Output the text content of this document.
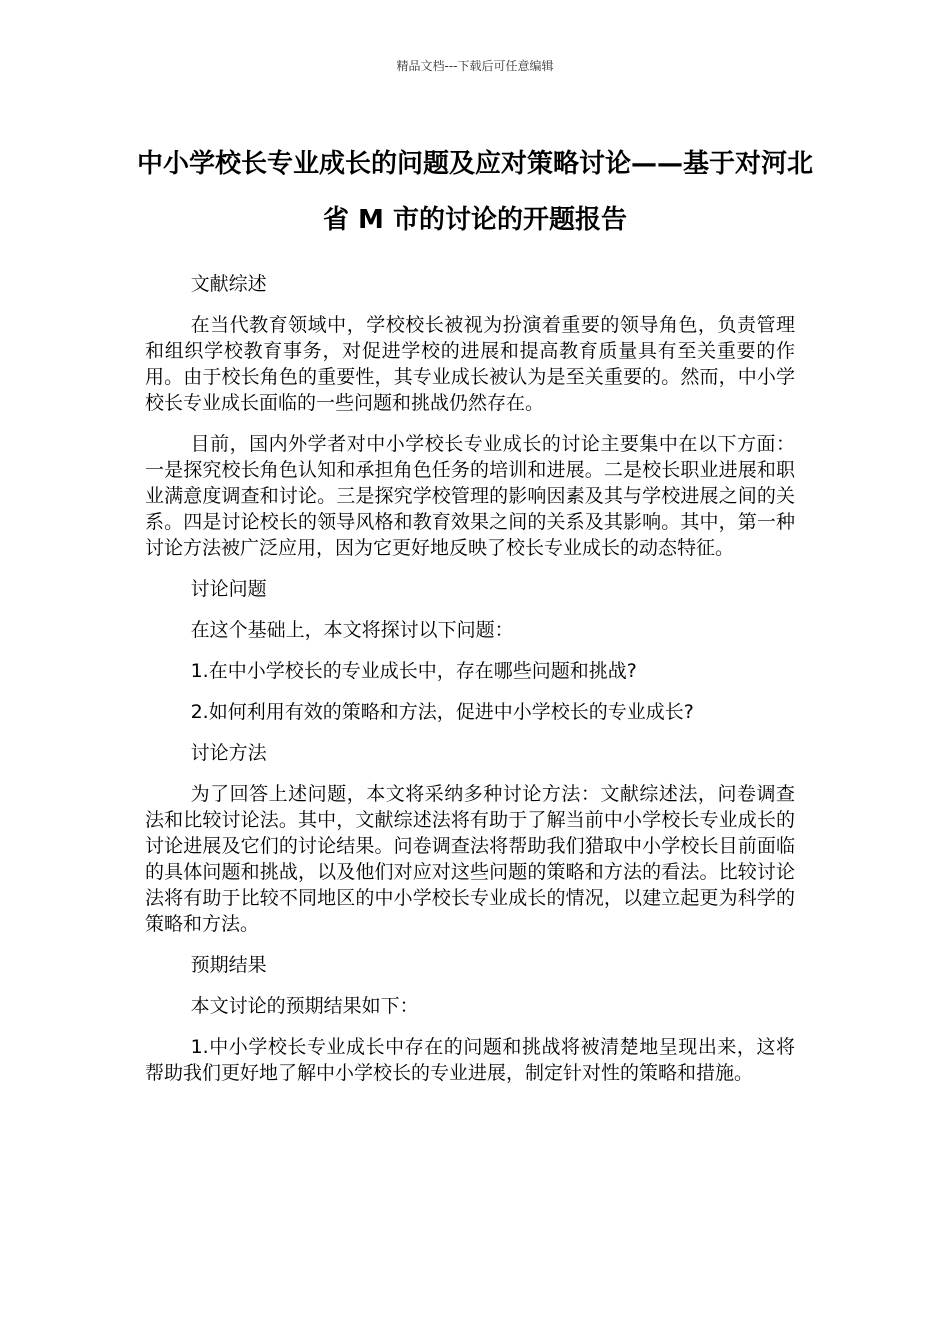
精品文档---下载后可任意编辑
中小学校长专业成长的问题及应对策略讨论——基于对河北省 M 市的讨论的开题报告

文献综述

在当代教育领域中，学校校长被视为扮演着重要的领导角色，负责管理和组织学校教育事务，对促进学校的进展和提高教育质量具有至关重要的作用。由于校长角色的重要性，其专业成长被认为是至关重要的。然而，中小学校长专业成长面临的一些问题和挑战仍然存在。

目前，国内外学者对中小学校长专业成长的讨论主要集中在以下方面：一是探究校长角色认知和承担角色任务的培训和进展。二是校长职业进展和职业满意度调查和讨论。三是探究学校管理的影响因素及其与学校进展之间的关系。四是讨论校长的领导风格和教育效果之间的关系及其影响。其中，第一种讨论方法被广泛应用，因为它更好地反映了校长专业成长的动态特征。

讨论问题

在这个基础上，本文将探讨以下问题：

1.在中小学校长的专业成长中，存在哪些问题和挑战?

2.如何利用有效的策略和方法，促进中小学校长的专业成长?

讨论方法

为了回答上述问题，本文将采纳多种讨论方法：文献综述法，问卷调查法和比较讨论法。其中，文献综述法将有助于了解当前中小学校长专业成长的讨论进展及它们的讨论结果。问卷调查法将帮助我们猎取中小学校长目前面临的具体问题和挑战，以及他们对应对这些问题的策略和方法的看法。比较讨论法将有助于比较不同地区的中小学校长专业成长的情况，以建立起更为科学的策略和方法。

预期结果

本文讨论的预期结果如下：

1.中小学校长专业成长中存在的问题和挑战将被清楚地呈现出来，这将帮助我们更好地了解中小学校长的专业进展，制定针对性的策略和措施。
